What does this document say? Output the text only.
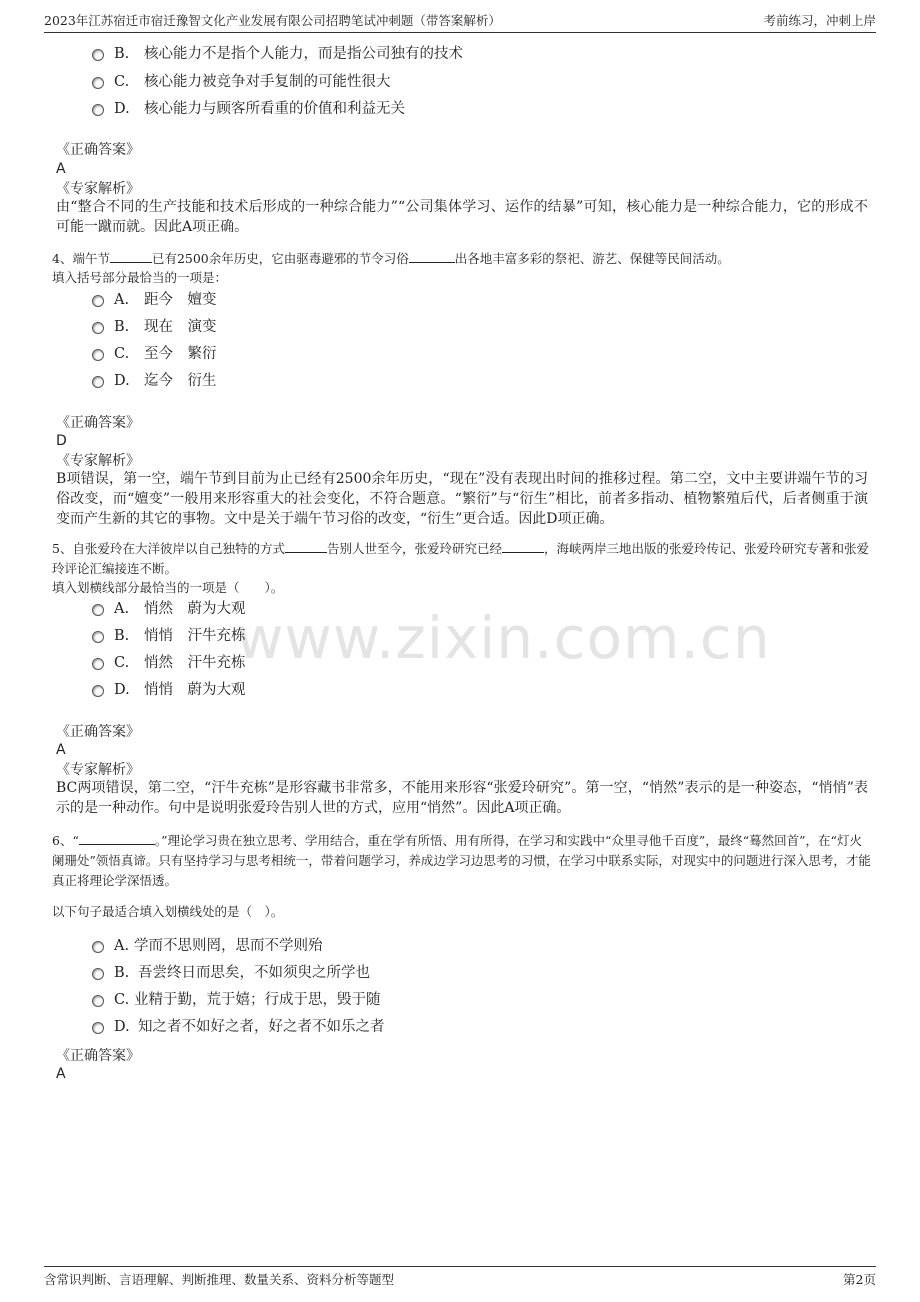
2023年江苏宿迁市宿迁豫智文化产业发展有限公司招聘笔试冲刺题（带答案解析）	考前练习，冲刺上岸
www.zixin.com.cn
B. 核心能力不是指个人能力，而是指公司独有的技术
C. 核心能力被竞争对手复制的可能性很大
D. 核心能力与顾客所看重的价值和利益无关
《正确答案》
A
《专家解析》
由“整合不同的生产技能和技术后形成的一种综合能力”“公司集体学习、运作的结暴”可知，核心能力是一种综合能力，它的形成不可能一蹴而就。因此A项正确。
4、端午节	已有2500余年历史，它由驱毒避邪的节令习俗	出各地丰富多彩的祭祀、游艺、保健等民间活动。
填入括号部分最恰当的一项是：
A. 距今　嬗变
B. 现在　演变
C. 至今　繁衍
D. 迄今　衍生
《正确答案》
D
《专家解析》
B项错误，第一空，端午节到目前为止已经有2500余年历史，“现在”没有表现出时间的推移过程。第二空，文中主要讲端午节的习俗改变，而“嬗变”一般用来形容重大的社会变化，不符合题意。“繁衍”与“衍生”相比，前者多指动、植物繁殖后代，后者侧重于演变而产生新的其它的事物。文中是关于端午节习俗的改变，“衍生”更合适。因此D项正确。
5、自张爱玲在大洋彼岸以自己独特的方式	告别人世至今，张爱玲研究已经	，海峡两岸三地出版的张爱玲传记、张爱玲研究专著和张爱玲评论汇编接连不断。
填入划横线部分最恰当的一项是（　　）。
A. 悄然　蔚为大观
B. 悄悄　汗牛充栋
C. 悄然　汗牛充栋
D. 悄悄　蔚为大观
《正确答案》
A
《专家解析》
BC两项错误，第二空，“汗牛充栋”是形容藏书非常多，不能用来形容“张爱玲研究”。第一空，“悄然”表示的是一种姿态，“悄悄”表示的是一种动作。句中是说明张爱玲告别人世的方式，应用“悄然”。因此A项正确。
6、“	。”理论学习贵在独立思考、学用结合，重在学有所悟、用有所得，在学习和实践中“众里寻他千百度”，最终“蓦然回首”，在“灯火阑珊处”领悟真谛。只有坚持学习与思考相统一，带着问题学习，养成边学习边思考的习惯，在学习中联系实际，对现实中的问题进行深入思考，才能真正将理论学深悟透。
以下句子最适合填入划横线处的是（　）。
A. 学而不思则罔，思而不学则殆
B. 吾尝终日而思矣，不如须臾之所学也
C. 业精于勤，荒于嬉；行成于思，毁于随
D. 知之者不如好之者，好之者不如乐之者
《正确答案》
A
含常识判断、言语理解、判断推理、数量关系、资料分析等题型	第2页
